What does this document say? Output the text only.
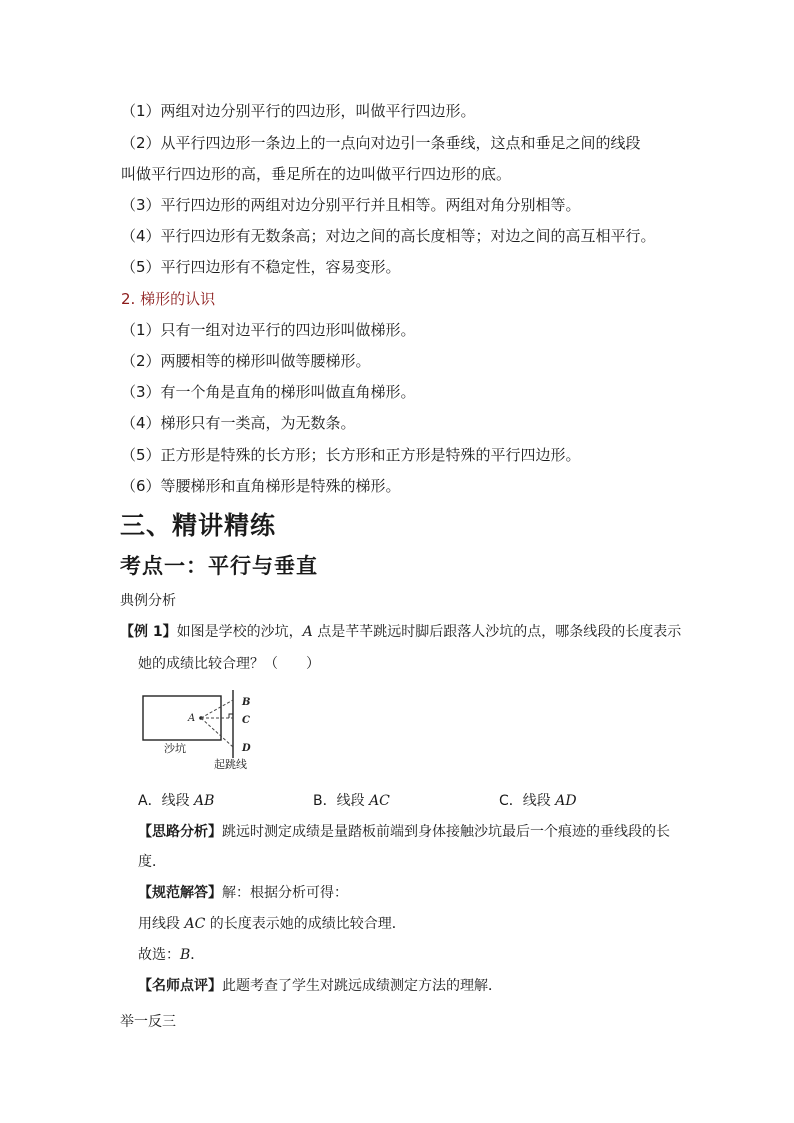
（1）两组对边分别平行的四边形，叫做平行四边形。
（2）从平行四边形一条边上的一点向对边引一条垂线，这点和垂足之间的线段
叫做平行四边形的高，垂足所在的边叫做平行四边形的底。
（3）平行四边形的两组对边分别平行并且相等。两组对角分别相等。
（4）平行四边形有无数条高；对边之间的高长度相等；对边之间的高互相平行。
（5）平行四边形有不稳定性，容易变形。
2. 梯形的认识
（1）只有一组对边平行的四边形叫做梯形。
（2）两腰相等的梯形叫做等腰梯形。
（3）有一个角是直角的梯形叫做直角梯形。
（4）梯形只有一类高，为无数条。
（5）正方形是特殊的长方形；长方形和正方形是特殊的平行四边形。
（6）等腰梯形和直角梯形是特殊的梯形。
三、精讲精练
考点一：平行与垂直
典例分析
【例 1】如图是学校的沙坑，A 点是芊芊跳远时脚后跟落人沙坑的点，哪条线段的长度表示
她的成绩比较合理？（　　）
A
B
C
D
沙坑
起跳线
A．线段 AB	B．线段 AC	C．线段 AD
【思路分析】跳远时测定成绩是量踏板前端到身体接触沙坑最后一个痕迹的垂线段的长
度．
【规范解答】解：根据分析可得：
用线段 AC 的长度表示她的成绩比较合理．
故选：B．
【名师点评】此题考查了学生对跳远成绩测定方法的理解．
举一反三
